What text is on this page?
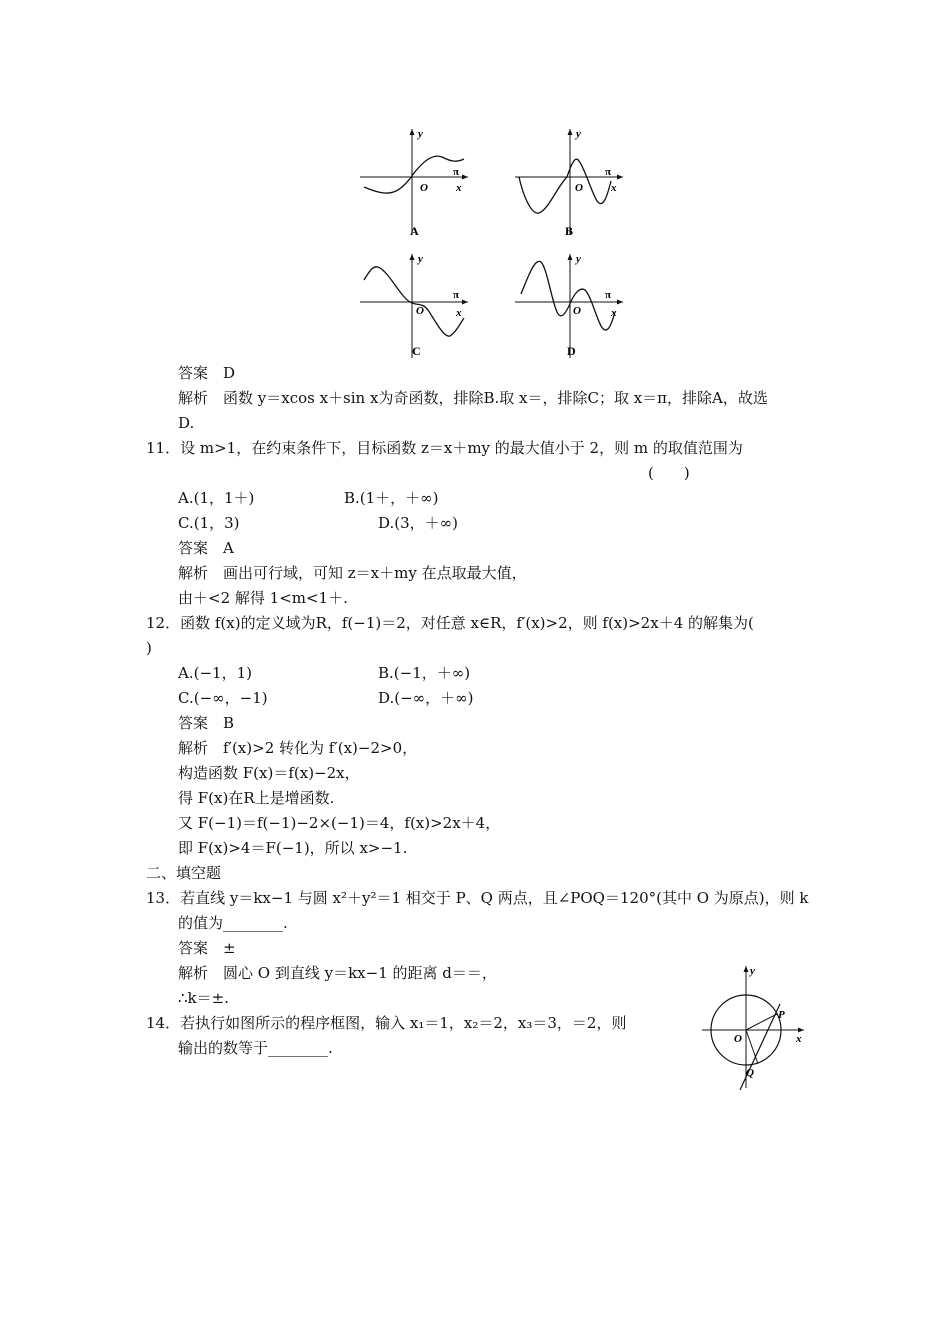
y
x
O
π
A
y
x
O
π
B
y
x
O
π
C
y
x
O
π
D
y
x
O
P
Q
答案　D
解析　函数 y＝xcos x＋sin x为奇函数，排除B.取 x＝，排除C；取 x＝π，排除A，故选
D.
11．设 m>1，在约束条件下，目标函数 z＝x＋my 的最大值小于 2，则 m 的取值范围为
(　　)
A.(1，1＋)	B.(1＋，＋∞)
C.(1，3)	D.(3，＋∞)
答案　A
解析　画出可行域，可知 z＝x＋my 在点取最大值，
由＋<2 解得 1<m<1＋.
12．函数 f(x)的定义域为R，f(−1)＝2，对任意 x∈R，f′(x)>2，则 f(x)>2x＋4 的解集为(
)
A.(−1，1)	B.(−1，＋∞)
C.(−∞，−1)	D.(−∞，＋∞)
答案　B
解析　f′(x)>2 转化为 f′(x)−2>0，
构造函数 F(x)＝f(x)−2x，
得 F(x)在R上是增函数.
又 F(−1)＝f(−1)−2×(−1)＝4，f(x)>2x＋4，
即 F(x)>4＝F(−1)，所以 x>−1.
二、填空题
13．若直线 y＝kx−1 与圆 x²＋y²＝1 相交于 P、Q 两点，且∠POQ＝120°(其中 O 为原点)，则 k
的值为________.
答案　±
解析　圆心 O 到直线 y＝kx−1 的距离 d＝＝，
∴k＝±.
14．若执行如图所示的程序框图，输入 x₁＝1，x₂＝2，x₃＝3，＝2，则
输出的数等于________.
